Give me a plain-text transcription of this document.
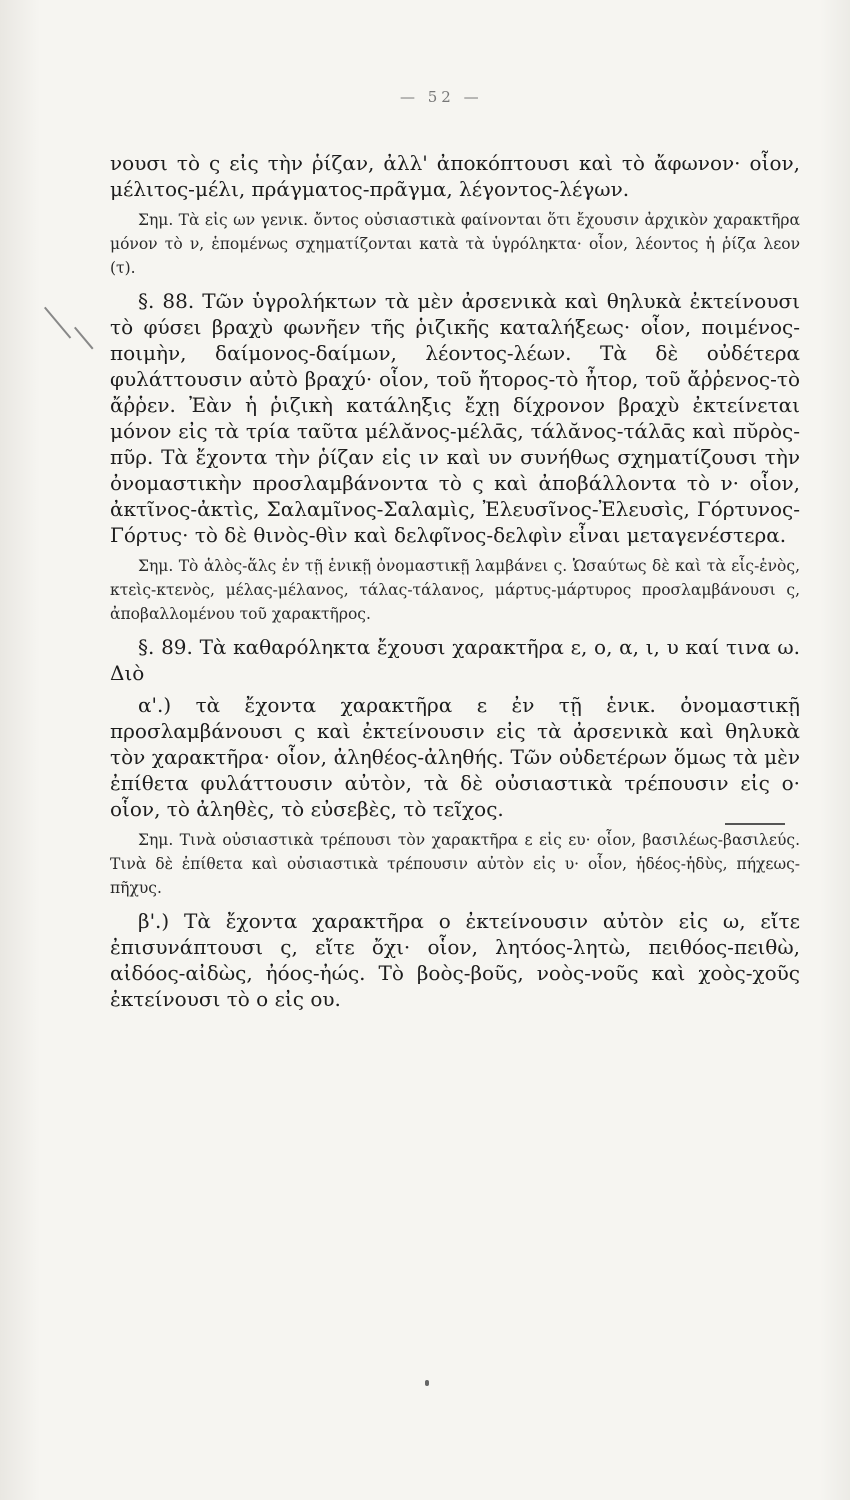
— 52 —

νουσι τὸ ς εἰς τὴν ῥίζαν, ἀλλ' ἀποκόπτουσι καὶ τὸ ἄφωνον· οἷον, μέλιτος-μέλι, πράγματος-πρᾶγμα, λέγοντος-λέγων.

Σημ. Τὰ εἰς ων γενικ. ὄντος οὐσιαστικὰ φαίνονται ὅτι ἔχουσιν ἀρχικὸν χαρακτῆρα μόνον τὸ ν, ἑπομένως σχηματίζονται κατὰ τὰ ὑγρόληκτα· οἷον, λέοντος ἡ ῥίζα λεον (τ).

§. 88. Τῶν ὑγρολήκτων τὰ μὲν ἀρσενικὰ καὶ θηλυκὰ ἐκτείνουσι τὸ φύσει βραχὺ φωνῆεν τῆς ῥιζικῆς καταλήξεως· οἷον, ποιμένος-ποιμὴν, δαίμονος-δαίμων, λέοντος-λέων. Τὰ δὲ οὐδέτερα φυλάττουσιν αὐτὸ βραχύ· οἷον, τοῦ ἤτορος-τὸ ἦτορ, τοῦ ἄῤῥενος-τὸ ἄῤῥεν. Ἐὰν ἡ ῥιζικὴ κατάληξις ἔχῃ δίχρονον βραχὺ ἐκτείνεται μόνον εἰς τὰ τρία ταῦτα μέλᾰνος-μέλᾱς, τάλᾰνος-τάλᾱς καὶ πῠρὸς-πῦρ. Τὰ ἔχοντα τὴν ῥίζαν εἰς ιν καὶ υν συνήθως σχηματίζουσι τὴν ὀνομαστικὴν προσλαμβάνοντα τὸ ς καὶ ἀποβάλλοντα τὸ ν· οἷον, ἀκτῖνος-ἀκτὶς, Σαλαμῖνος-Σαλαμὶς, Ἐλευσῖνος-Ἐλευσὶς, Γόρτυνος-Γόρτυς· τὸ δὲ θινὸς-θὶν καὶ δελφῖνος-δελφὶν εἶναι μεταγενέστερα.

Σημ. Τὸ ἁλὸς-ἅλς ἐν τῇ ἑνικῇ ὀνομαστικῇ λαμβάνει ς. Ὡσαύτως δὲ καὶ τὰ εἷς-ἑνὸς, κτεὶς-κτενὸς, μέλας-μέλανος, τάλας-τάλανος, μάρτυς-μάρτυρος προσλαμβάνουσι ς, ἀποβαλλομένου τοῦ χαρακτῆρος.

§. 89. Τὰ καθαρόληκτα ἔχουσι χαρακτῆρα ε, ο, α, ι, υ καί τινα ω. Διὸ

α'.) τὰ ἔχοντα χαρακτῆρα ε ἐν τῇ ἑνικ. ὀνομαστικῇ προσλαμβάνουσι ς καὶ ἐκτείνουσιν εἰς τὰ ἀρσενικὰ καὶ θηλυκὰ τὸν χαρακτῆρα· οἷον, ἀληθέος-ἀληθής. Τῶν οὐδετέρων ὅμως τὰ μὲν ἐπίθετα φυλάττουσιν αὐτὸν, τὰ δὲ οὐσιαστικὰ τρέπουσιν εἰς ο· οἷον, τὸ ἀληθὲς, τὸ εὐσεβὲς, τὸ τεῖχος.

Σημ. Τινὰ οὐσιαστικὰ τρέπουσι τὸν χαρακτῆρα ε εἰς ευ· οἷον, βασιλέως-βασιλεύς. Τινὰ δὲ ἐπίθετα καὶ οὐσιαστικὰ τρέπουσιν αὐτὸν εἰς υ· οἷον, ἡδέος-ἡδὺς, πήχεως-πῆχυς.

β'.) Τὰ ἔχοντα χαρακτῆρα ο ἐκτείνουσιν αὐτὸν εἰς ω, εἴτε ἐπισυνάπτουσι ς, εἴτε ὄχι· οἷον, λητόος-λητὼ, πειθόος-πειθὼ, αἰδόος-αἰδὼς, ἠόος-ἠώς. Τὸ βοὸς-βοῦς, νοὸς-νοῦς καὶ χοὸς-χοῦς ἐκτείνουσι τὸ ο εἰς ου.
